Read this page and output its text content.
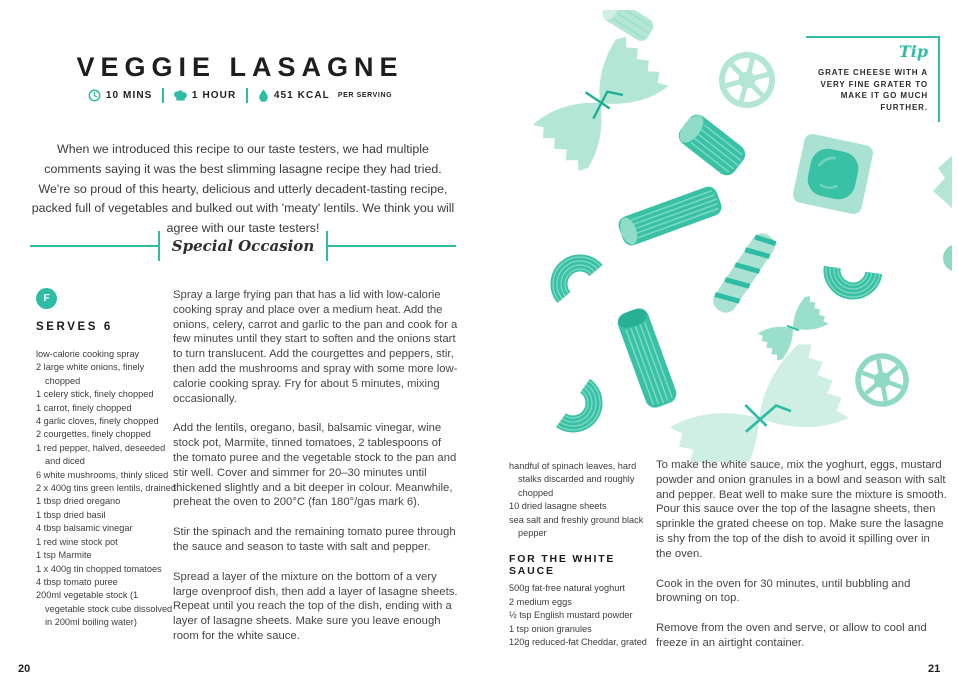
VEGGIE LASAGNE
10 MINS	1 HOUR	451 KCAL PER SERVING

When we introduced this recipe to our taste testers, we had multiple comments saying it was the best slimming lasagne recipe they had tried. We're so proud of this hearty, delicious and utterly decadent-tasting recipe, packed full of vegetables and bulked out with 'meaty' lentils. We think you will agree with our taste testers!

Special Occasion
F
SERVES 6
low-calorie cooking spray
2 large white onions, finely chopped
1 celery stick, finely chopped
1 carrot, finely chopped
4 garlic cloves, finely chopped
2 courgettes, finely chopped
1 red pepper, halved, deseeded and diced
6 white mushrooms, thinly sliced
2 x 400g tins green lentils, drained
1 tbsp dried oregano
1 tbsp dried basil
4 tbsp balsamic vinegar
1 red wine stock pot
1 tsp Marmite
1 x 400g tin chopped tomatoes
4 tbsp tomato puree
200ml vegetable stock (1 vegetable stock cube dissolved in 200ml boiling water)

Spray a large frying pan that has a lid with low-calorie cooking spray and place over a medium heat. Add the onions, celery, carrot and garlic to the pan and cook for a few minutes until they start to soften and the onions start to turn translucent. Add the courgettes and peppers, stir, then add the mushrooms and spray with some more low-calorie cooking spray. Fry for about 5 minutes, mixing occasionally.

Add the lentils, oregano, basil, balsamic vinegar, wine stock pot, Marmite, tinned tomatoes, 2 tablespoons of the tomato puree and the vegetable stock to the pan and stir well. Cover and simmer for 20–30 minutes until thickened slightly and a bit deeper in colour. Meanwhile, preheat the oven to 200°C (fan 180°/gas mark 6).

Stir the spinach and the remaining tomato puree through the sauce and season to taste with salt and pepper.

Spread a layer of the mixture on the bottom of a very large ovenproof dish, then add a layer of lasagne sheets. Repeat until you reach the top of the dish, ending with a layer of lasagne sheets. Make sure you leave enough room for the white sauce.

20
Tip
GRATE CHEESE WITH A VERY FINE GRATER TO MAKE IT GO MUCH FURTHER.
handful of spinach leaves, hard stalks discarded and roughly chopped
10 dried lasagne sheets
sea salt and freshly ground black pepper
FOR THE WHITE SAUCE
500g fat-free natural yoghurt
2 medium eggs
½ tsp English mustard powder
1 tsp onion granules
120g reduced-fat Cheddar, grated

To make the white sauce, mix the yoghurt, eggs, mustard powder and onion granules in a bowl and season with salt and pepper. Beat well to make sure the mixture is smooth. Pour this sauce over the top of the lasagne sheets, then sprinkle the grated cheese on top. Make sure the lasagne is shy from the top of the dish to avoid it spilling over in the oven.

Cook in the oven for 30 minutes, until bubbling and browning on top.

Remove from the oven and serve, or allow to cool and freeze in an airtight container.

21
